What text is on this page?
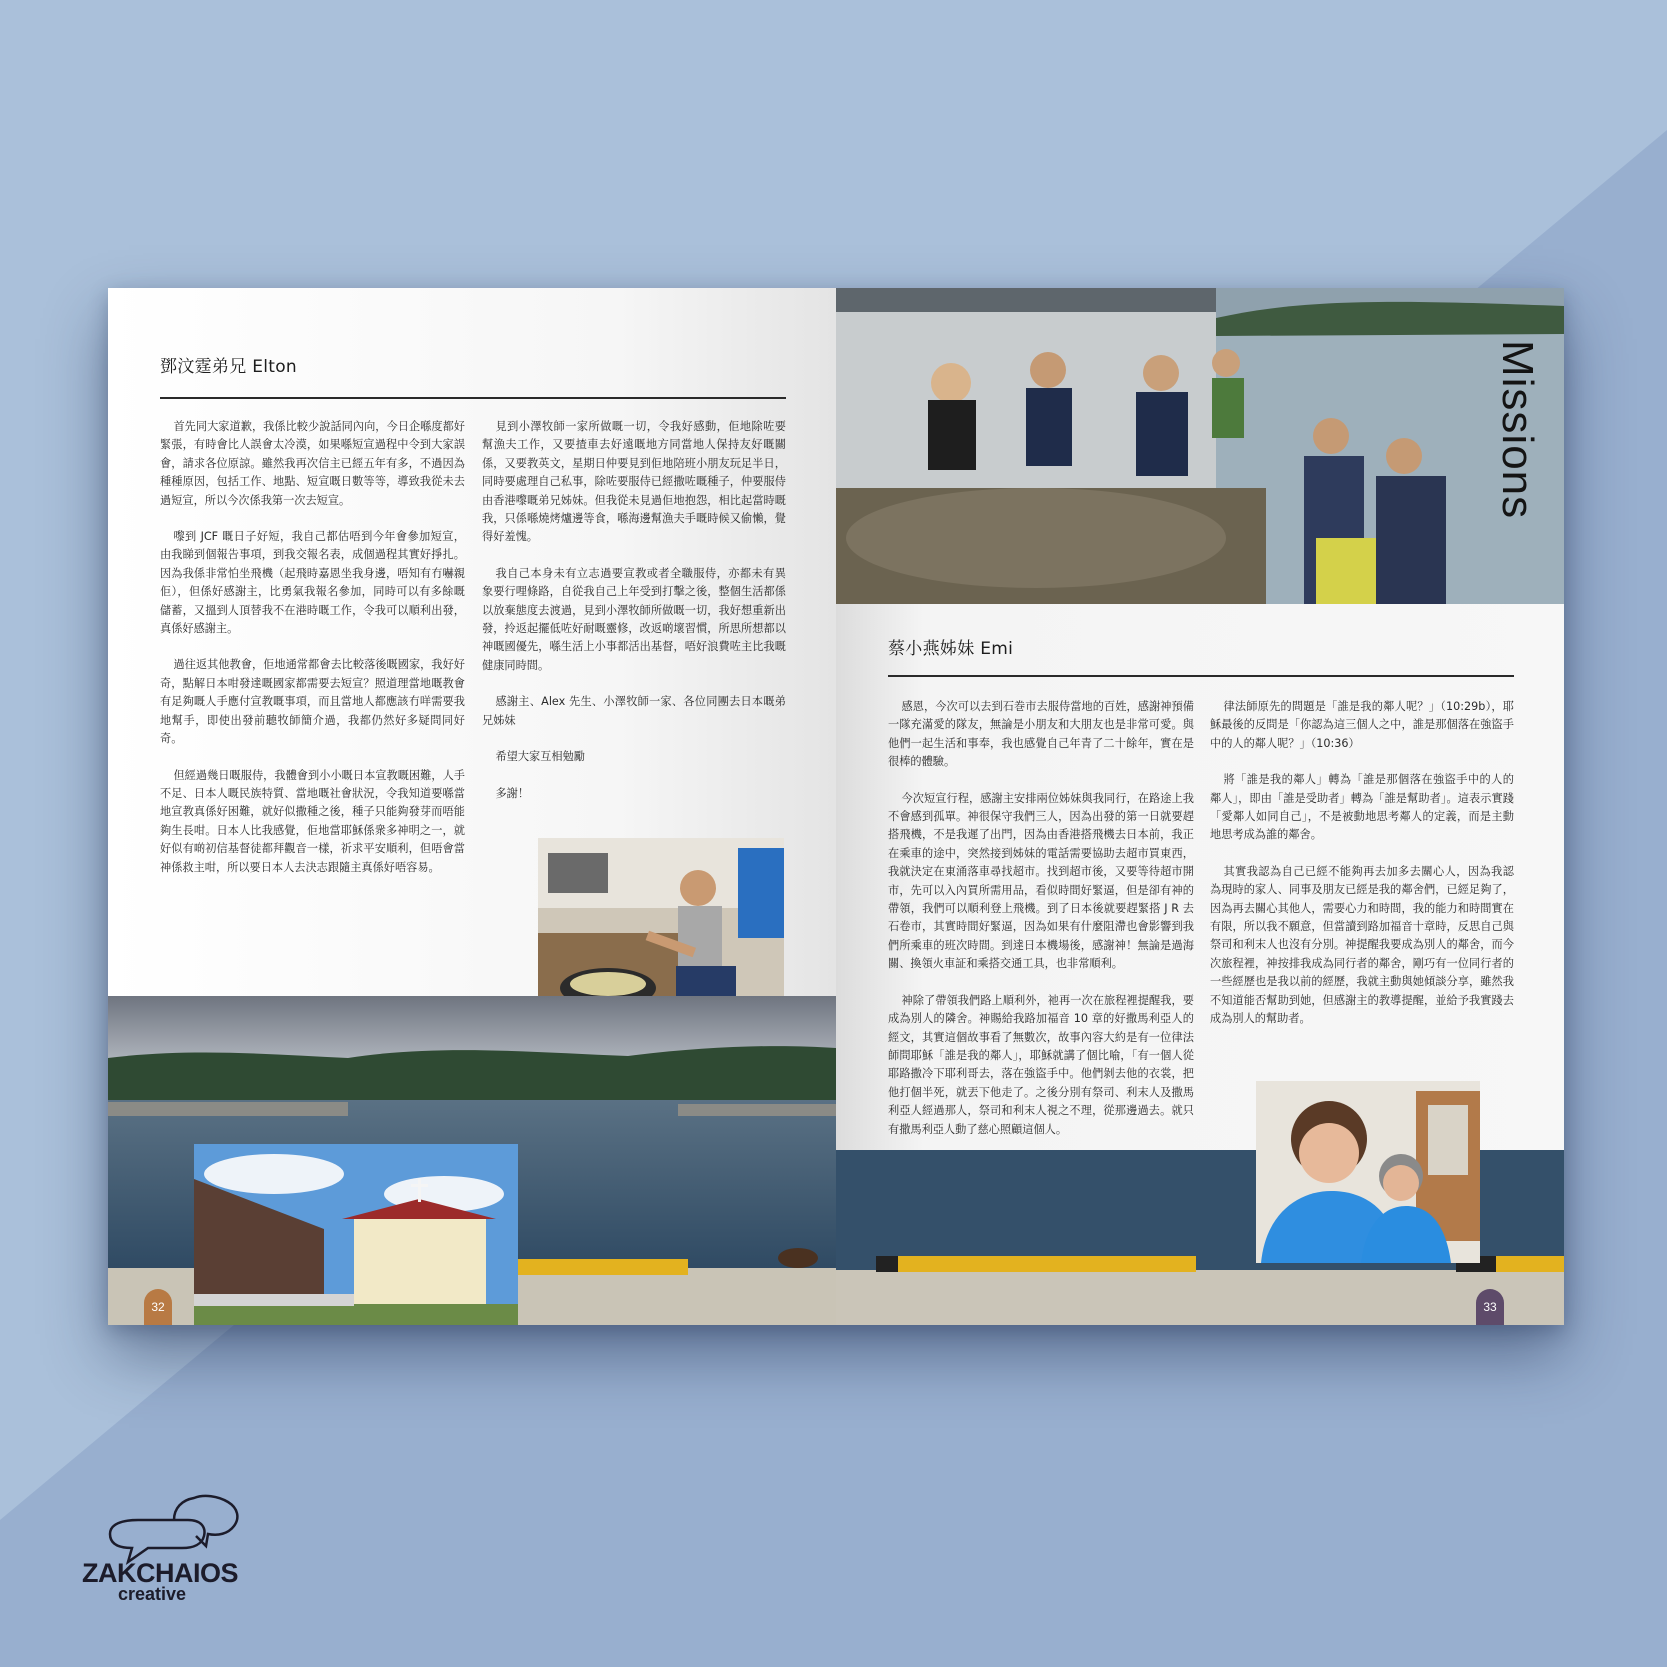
鄧汶霆弟兄 Elton

首先同大家道歉，我係比較少說話同內向，今日企喺度都好緊張，有時會比人誤會太冷漠，如果喺短宣過程中令到大家誤會，請求各位原諒。雖然我再次信主已經五年有多，不過因為種種原因，包括工作、地點、短宣嘅日數等等，導致我從未去過短宣，所以今次係我第一次去短宣。

嚟到 JCF 嘅日子好短，我自己都估唔到今年會參加短宣，由我睇到個報告事項，到我交報名表，成個過程其實好掙扎。因為我係非常怕坐飛機（起飛時嘉恩坐我身邊，唔知有冇嚇親佢），但係好感謝主，比勇氣我報名參加，同時可以有多餘嘅儲蓄，又搵到人頂替我不在港時嘅工作，令我可以順利出發，真係好感謝主。

過往返其他教會，佢地通常都會去比較落後嘅國家，我好好奇，點解日本咁發達嘅國家都需要去短宣？照道理當地嘅教會有足夠嘅人手應付宣教嘅事項，而且當地人都應該冇咩需要我地幫手，即使出發前聽牧師簡介過，我都仍然好多疑問同好奇。

但經過幾日嘅服侍，我體會到小小嘅日本宣教嘅困難，人手不足、日本人嘅民族特質、當地嘅社會狀況，令我知道要喺當地宣教真係好困難，就好似撒種之後，種子只能夠發芽而唔能夠生長咁。日本人比我感覺，佢地當耶穌係衆多神明之一，就好似有啲初信基督徒都拜觀音一樣，祈求平安順利，但唔會當神係救主咁，所以要日本人去決志跟隨主真係好唔容易。

見到小澤牧師一家所做嘅一切，令我好感動，佢地除咗要幫漁夫工作，又要揸車去好遠嘅地方同當地人保持友好嘅關係，又要教英文，星期日仲要見到佢地陪班小朋友玩足半日，同時要處理自己私事，除咗要服侍已經撒咗嘅種子，仲要服侍由香港嚟嘅弟兄姊妹。但我從未見過佢地抱怨，相比起當時嘅我，只係喺燒烤爐邊等食，喺海邊幫漁夫手嘅時候又偷懶，覺得好羞愧。

我自己本身未有立志過要宣教或者全職服侍，亦都未有異象要行哩條路，自從我自己上年受到打擊之後，整個生活都係以放棄態度去渡過，見到小澤牧師所做嘅一切，我好想重新出發，拎返起擺低咗好耐嘅靈修，改返啲壞習慣，所思所想都以神嘅國優先，喺生活上小事都活出基督，唔好浪費咗主比我嘅健康同時間。

感謝主、Alex 先生、小澤牧師一家、各位同團去日本嘅弟兄姊妹

希望大家互相勉勵

多謝！

32
Missions
蔡小燕姊妹 Emi

感恩，今次可以去到石巻市去服侍當地的百姓，感謝神預備一隊充滿愛的隊友，無論是小朋友和大朋友也是非常可愛。與他們一起生活和事奉，我也感覺自己年青了二十餘年，實在是很棒的體驗。

今次短宣行程，感謝主安排兩位姊妹與我同行，在路途上我不會感到孤單。神很保守我們三人，因為出發的第一日就要趕搭飛機，不是我遲了出門，因為由香港搭飛機去日本前，我正在乘車的途中，突然接到姊妹的電話需要協助去超市買東西，我就決定在東涌落車尋找超市。找到超市後，又要等待超市開市，先可以入內買所需用品，看似時間好緊逼，但是卻有神的帶領，我們可以順利登上飛機。到了日本後就要趕緊搭 J R 去石卷市，其實時間好緊逼，因為如果有什麼阻滯也會影響到我們所乘車的班次時間。到達日本機場後，感謝神！無論是過海關、換領火車証和乘搭交通工具，也非常順利。

神除了帶領我們路上順利外，祂再一次在旅程裡提醒我，要成為別人的隣舍。神賜給我路加福音 10 章的好撒馬利亞人的經文，其實這個故事看了無數次，故事內容大約是有一位律法師問耶穌「誰是我的鄰人」，耶穌就講了個比喻，「有一個人從耶路撒冷下耶利哥去，落在強盜手中。他們剝去他的衣裳，把他打個半死，就丟下他走了。之後分別有祭司、利末人及撒馬利亞人經過那人，祭司和利末人視之不理，從那邊過去。就只有撒馬利亞人動了慈心照顧這個人。

律法師原先的問題是「誰是我的鄰人呢？」（10:29b），耶穌最後的反問是「你認為這三個人之中，誰是那個落在強盜手中的人的鄰人呢？」（10:36）

將「誰是我的鄰人」轉為「誰是那個落在強盜手中的人的鄰人」，即由「誰是受助者」轉為「誰是幫助者」。這表示實踐「愛鄰人如同自己」，不是被動地思考鄰人的定義，而是主動地思考成為誰的鄰舍。

其實我認為自己已經不能夠再去加多去關心人，因為我認為現時的家人、同事及朋友已經是我的鄰舍們，已經足夠了，因為再去關心其他人，需要心力和時間，我的能力和時間實在有限，所以我不願意，但當讀到路加福音十章時，反思自己與祭司和利末人也沒有分別。神提醒我要成為別人的鄰舍，而今次旅程裡，神按排我成為同行者的鄰舍，剛巧有一位同行者的一些經歷也是我以前的經歷，我就主動與她傾談分享，雖然我不知道能否幫助到她，但感謝主的教導提醒，並給予我實踐去成為別人的幫助者。

33
ZAKCHAIOS
creative
